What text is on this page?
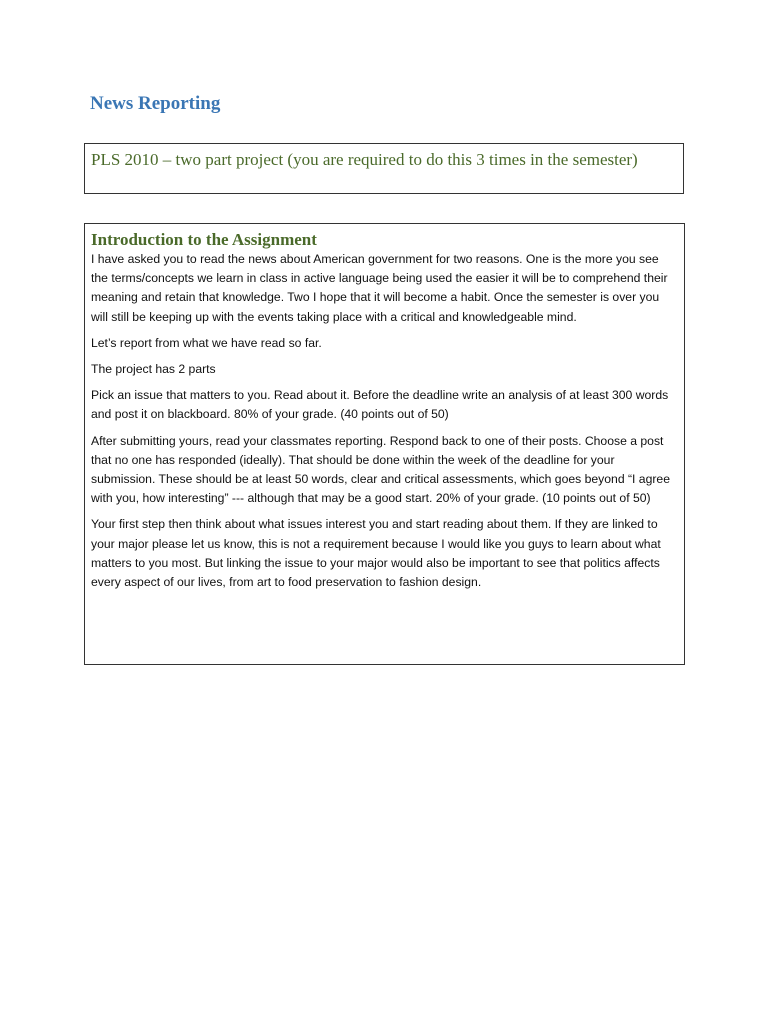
News Reporting

PLS 2010 – two part project (you are required to do this 3 times in the semester)

Introduction to the Assignment

I have asked you to read the news about American government for two reasons. One is the more you see the terms/concepts we learn in class in active language being used the easier it will be to comprehend their meaning and retain that knowledge. Two I hope that it will become a habit. Once the semester is over you will still be keeping up with the events taking place with a critical and knowledgeable mind.

Let’s report from what we have read so far.

The project has 2 parts

Pick an issue that matters to you. Read about it. Before the deadline write an analysis of at least 300 words and post it on blackboard. 80% of your grade. (40 points out of 50)

After submitting yours, read your classmates reporting. Respond back to one of their posts. Choose a post that no one has responded (ideally). That should be done within the week of the deadline for your submission. These should be at least 50 words, clear and critical assessments, which goes beyond “I agree with you, how interesting” --- although that may be a good start. 20% of your grade. (10 points out of 50)

Your first step then think about what issues interest you and start reading about them. If they are linked to your major please let us know, this is not a requirement because I would like you guys to learn about what matters to you most. But linking the issue to your major would also be important to see that politics affects every aspect of our lives, from art to food preservation to fashion design.
